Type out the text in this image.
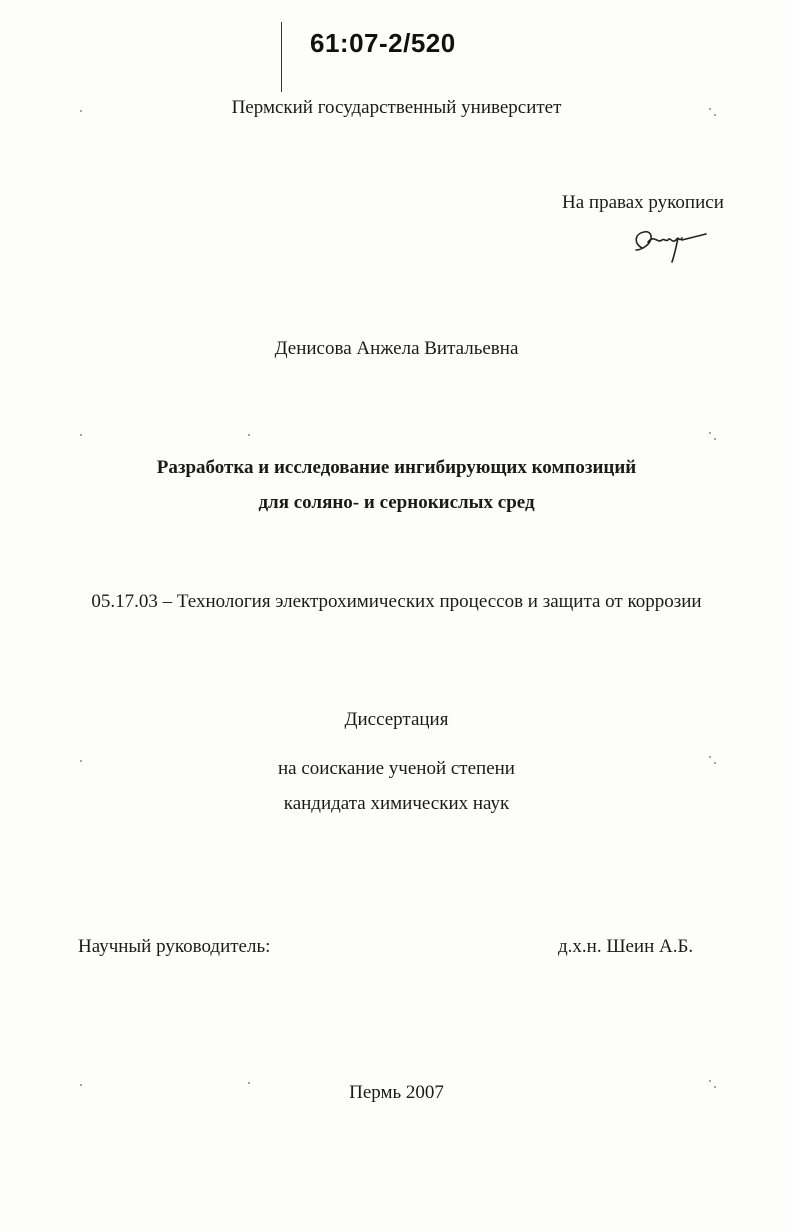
61:07-2/520
Пермский государственный университет
На правах рукописи
Денисова Анжела Витальевна
Разработка и исследование ингибирующих композиций
для соляно- и сернокислых сред
05.17.03 – Технология электрохимических процессов и защита от коррозии
Диссертация
на соискание ученой степени
кандидата химических наук
Научный руководитель:	д.х.н. Шеин А.Б.
Пермь 2007
